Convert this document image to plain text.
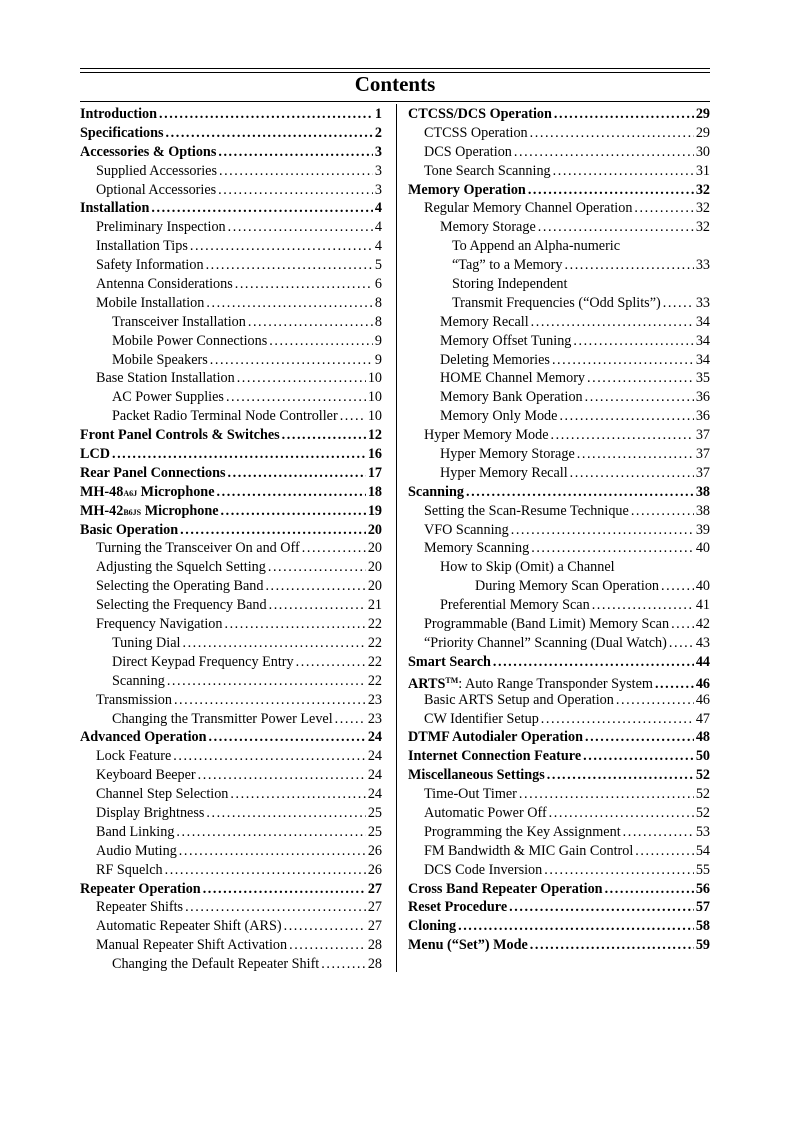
Contents
Introduction . . .	1
Specifications . . .	2
Accessories & Options . . .	3
Supplied Accessories . . .	3
Optional Accessories . . .	3
Installation . . .	4
Preliminary Inspection . . .	4
Installation Tips . . .	4
Safety Information . . .	5
Antenna Considerations . . .	6
Mobile Installation . . .	8
Transceiver Installation . . .	8
Mobile Power Connections . . .	9
Mobile Speakers . . .	9
Base Station Installation . . .	10
AC Power Supplies . . .	10
Packet Radio Terminal Node Controller . . . 10
Front Panel Controls & Switches . . .	12
LCD . . .	16
Rear Panel Connections . . .	17
MH-48A6J Microphone . . .	18
MH-42B6JS Microphone . . .	19
Basic Operation . . .	20
Turning the Transceiver On and Off . . .	20
Adjusting the Squelch Setting . . .	20
Selecting the Operating Band . . .	20
Selecting the Frequency Band . . .	21
Frequency Navigation . . .	22
Tuning Dial . . .	22
Direct Keypad Frequency Entry . . .	22
Scanning . . .	22
Transmission . . .	23
Changing the Transmitter Power Level . . . 23
Advanced Operation . . .	24
Lock Feature . . .	24
Keyboard Beeper . . .	24
Channel Step Selection . . .	24
Display Brightness . . .	25
Band Linking . . .	25
Audio Muting . . .	26
RF Squelch . . .	26
Repeater Operation . . .	27
Repeater Shifts . . .	27
Automatic Repeater Shift (ARS) . . .	27
Manual Repeater Shift Activation . . .	28
Changing the Default Repeater Shift . . .	28
CTCSS/DCS Operation . . .	29
CTCSS Operation . . .	29
DCS Operation . . .	30
Tone Search Scanning . . .	31
Memory Operation . . .	32
Regular Memory Channel Operation . . .	32
Memory Storage . . .	32
To Append an Alpha-numeric
“Tag” to a Memory . . .	33
Storing Independent
Transmit Frequencies (“Odd Splits”) . . . 33
Memory Recall . . .	34
Memory Offset Tuning . . .	34
Deleting Memories . . .	34
HOME Channel Memory . . .	35
Memory Bank Operation . . .	36
Memory Only Mode . . .	36
Hyper Memory Mode . . .	37
Hyper Memory Storage . . .	37
Hyper Memory Recall . . .	37
Scanning . . .	38
Setting the Scan-Resume Technique . . .	38
VFO Scanning . . .	39
Memory Scanning . . .	40
How to Skip (Omit) a Channel
During Memory Scan Operation . . .	40
Preferential Memory Scan . . .	41
Programmable (Band Limit) Memory Scan . . . 42
“Priority Channel” Scanning (Dual Watch) . . . 43
Smart Search . . .	44
ARTS™: Auto Range Transponder System . . .	46
Basic ARTS Setup and Operation . . .	46
CW Identifier Setup . . .	47
DTMF Autodialer Operation . . .	48
Internet Connection Feature . . .	50
Miscellaneous Settings . . .	52
Time-Out Timer . . .	52
Automatic Power Off . . .	52
Programming the Key Assignment . . .	53
FM Bandwidth & MIC Gain Control . . .	54
DCS Code Inversion . . .	55
Cross Band Repeater Operation . . .	56
Reset Procedure . . .	57
Cloning . . .	58
Menu (“Set”) Mode . . .	59
